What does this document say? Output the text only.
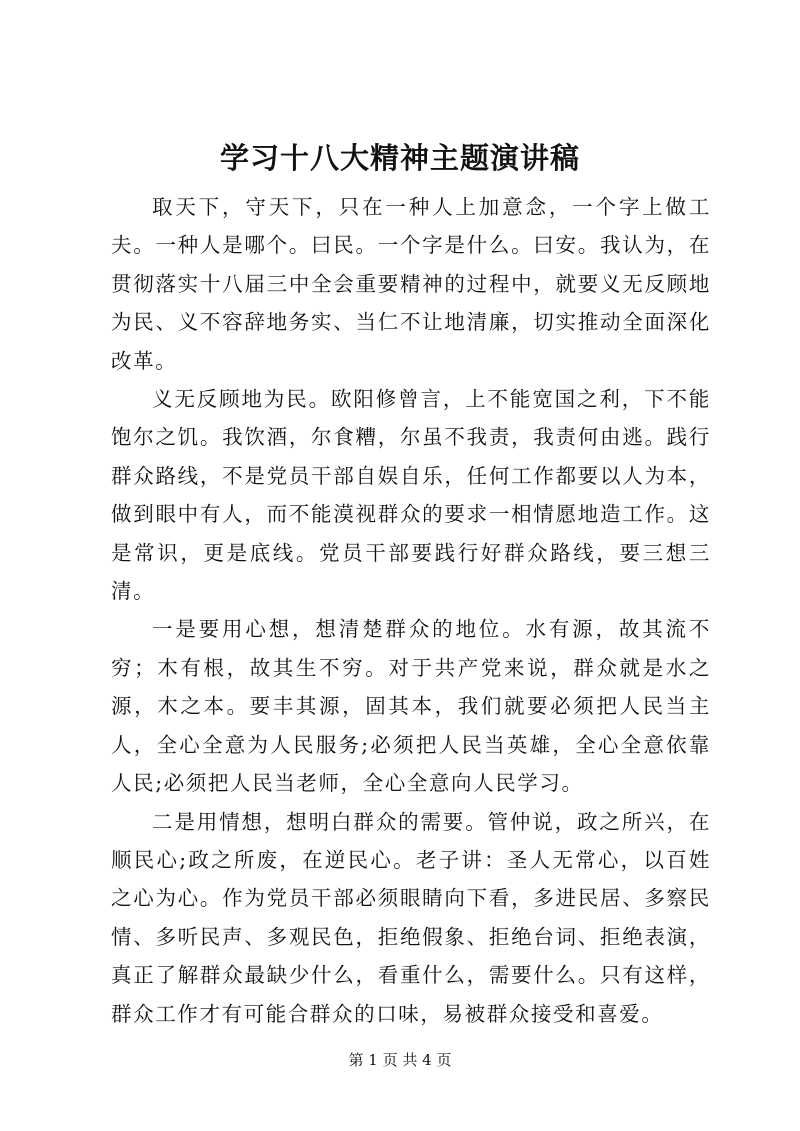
学习十八大精神主题演讲稿

取天下，守天下，只在一种人上加意念，一个字上做工夫。一种人是哪个。曰民。一个字是什么。曰安。我认为，在贯彻落实十八届三中全会重要精神的过程中，就要义无反顾地为民、义不容辞地务实、当仁不让地清廉，切实推动全面深化改革。

义无反顾地为民。欧阳修曾言，上不能宽国之利，下不能饱尔之饥。我饮酒，尔食糟，尔虽不我责，我责何由逃。践行群众路线，不是党员干部自娱自乐，任何工作都要以人为本，做到眼中有人，而不能漠视群众的要求一相情愿地造工作。这是常识，更是底线。党员干部要践行好群众路线，要三想三清。

一是要用心想，想清楚群众的地位。水有源，故其流不穷；木有根，故其生不穷。对于共产党来说，群众就是水之源，木之本。要丰其源，固其本，我们就要必须把人民当主人，全心全意为人民服务;必须把人民当英雄，全心全意依靠人民;必须把人民当老师，全心全意向人民学习。

二是用情想，想明白群众的需要。管仲说，政之所兴，在顺民心;政之所废，在逆民心。老子讲：圣人无常心，以百姓之心为心。作为党员干部必须眼睛向下看，多进民居、多察民情、多听民声、多观民色，拒绝假象、拒绝台词、拒绝表演，真正了解群众最缺少什么，看重什么，需要什么。只有这样，群众工作才有可能合群众的口味，易被群众接受和喜爱。

第 1 页 共 4 页
